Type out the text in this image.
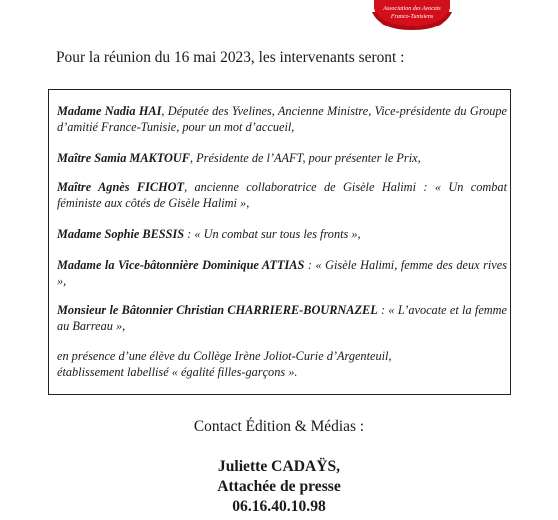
Association des Avocats
Franco-Tunisiens
Pour la réunion du 16 mai 2023, les intervenants seront :
Madame Nadia HAI, Députée des Yvelines, Ancienne Ministre, Vice-présidente du Groupe d’amitié France-Tunisie, pour un mot d’accueil,
Maître Samia MAKTOUF, Présidente de l’AAFT, pour présenter le Prix,
Maître Agnès FICHOT, ancienne collaboratrice de Gisèle Halimi : « Un combat féministe aux côtés de Gisèle Halimi »,
Madame Sophie BESSIS : « Un combat sur tous les fronts »,
Madame la Vice-bâtonnière Dominique ATTIAS : « Gisèle Halimi, femme des deux rives »,
Monsieur le Bâtonnier Christian CHARRIERE-BOURNAZEL : « L’avocate et la femme au Barreau »,
en présence d’une élève du Collège Irène Joliot-Curie d’Argenteuil,
établissement labellisé « égalité filles-garçons ».
Contact Édition & Médias :
Juliette CADAŸS,
Attachée de presse
06.16.40.10.98
